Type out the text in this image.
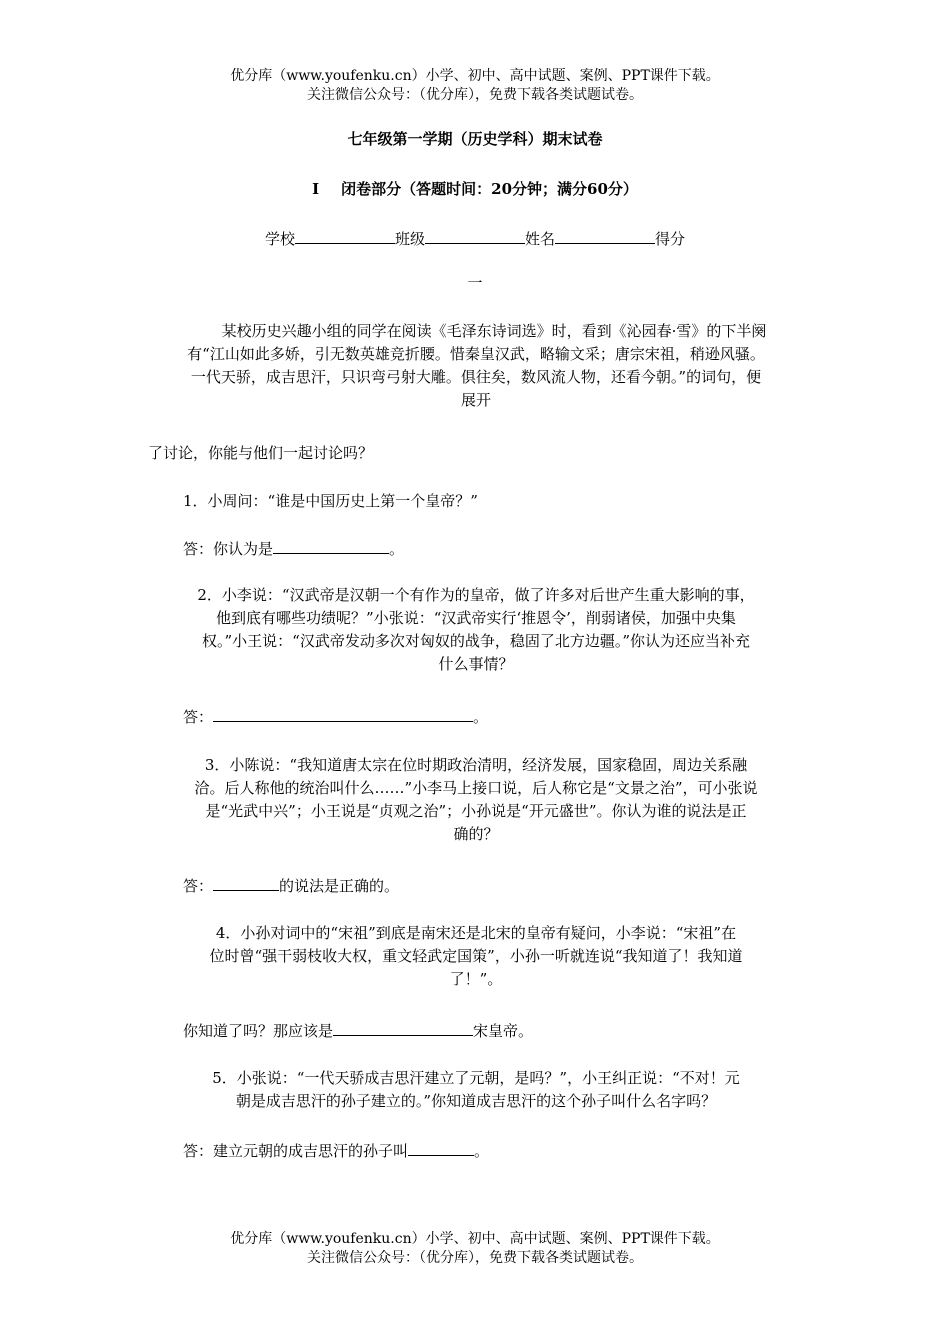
优分库（www.youfenku.cn）小学、初中、高中试题、案例、PPT课件下载。
关注微信公众号：（优分库），免费下载各类试题试卷。
七年级第一学期（历史学科）期末试卷
Ⅰ 闭卷部分（答题时间：20分钟；满分60分）
学校	班级	姓名	得分
一
某校历史兴趣小组的同学在阅读《毛泽东诗词选》时，看到《沁园春·雪》的下半阕
有“江山如此多娇，引无数英雄竞折腰。惜秦皇汉武，略输文采；唐宗宋祖，稍逊风骚。
一代天骄，成吉思汗，只识弯弓射大雕。俱往矣，数风流人物，还看今朝。”的词句，便
展开
了讨论，你能与他们一起讨论吗？
1．小周问：“谁是中国历史上第一个皇帝？”
答：你认为是	。
2．小李说：“汉武帝是汉朝一个有作为的皇帝，做了许多对后世产生重大影响的事，
他到底有哪些功绩呢？”小张说：“汉武帝实行‘推恩令’，削弱诸侯，加强中央集
权。”小王说：“汉武帝发动多次对匈奴的战争，稳固了北方边疆。”你认为还应当补充
什么事情？
答：	。
3．小陈说：“我知道唐太宗在位时期政治清明，经济发展，国家稳固，周边关系融
洽。后人称他的统治叫什么……”小李马上接口说，后人称它是“文景之治”，可小张说
是“光武中兴”；小王说是“贞观之治”；小孙说是“开元盛世”。你认为谁的说法是正
确的？
答：	的说法是正确的。
4．小孙对词中的“宋祖”到底是南宋还是北宋的皇帝有疑问，小李说：“宋祖”在
位时曾“强干弱枝收大权，重文轻武定国策”，小孙一听就连说“我知道了！我知道
了！”。
你知道了吗？那应该是	宋皇帝。
5．小张说：“一代天骄成吉思汗建立了元朝，是吗？”，小王纠正说：“不对！元
朝是成吉思汗的孙子建立的。”你知道成吉思汗的这个孙子叫什么名字吗？
答：建立元朝的成吉思汗的孙子叫	。
优分库（www.youfenku.cn）小学、初中、高中试题、案例、PPT课件下载。
关注微信公众号：（优分库），免费下载各类试题试卷。
